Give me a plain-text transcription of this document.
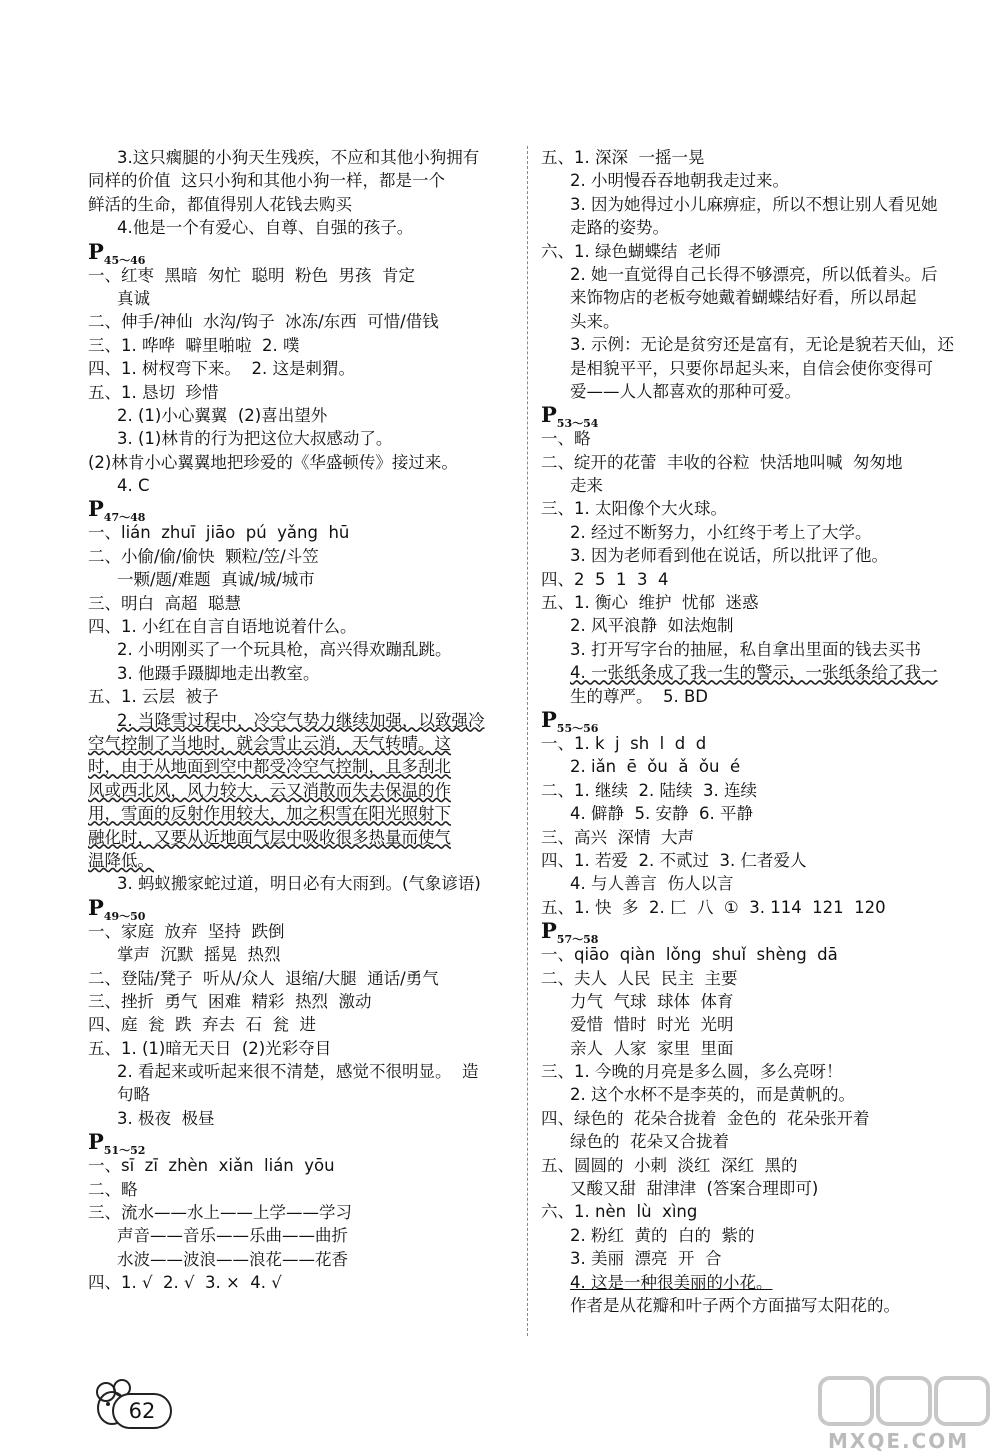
3.这只瘸腿的小狗天生残疾，不应和其他小狗拥有
同样的价值  这只小狗和其他小狗一样，都是一个
鲜活的生命，都值得别人花钱去购买
4.他是一个有爱心、自尊、自强的孩子。
$P_{45\sim 46}$
一、红枣  黑暗  匆忙  聪明  粉色  男孩  肯定
真诚
二、伸手/神仙  水沟/钩子  冰冻/东西  可惜/借钱
三、1. 哗哗  噼里啪啦  2. 噗
四、1. 树杈弯下来。  2. 这是刺猬。
五、1. 恳切  珍惜
2. (1)小心翼翼  (2)喜出望外
3. (1)林肯的行为把这位大叔感动了。
(2)林肯小心翼翼地把珍爱的《华盛顿传》接过来。
4. C
$P_{47\sim 48}$
一、lián  zhuī  jiāo  pú  yǎng  hū
二、小偷/偷/偷快  颗粒/笠/斗笠
一颗/题/难题  真诚/城/城市
三、明白  高超  聪慧
四、1. 小红在自言自语地说着什么。
2. 小明刚买了一个玩具枪，高兴得欢蹦乱跳。
3. 他蹑手蹑脚地走出教室。
五、1. 云层  被子
2. 当降雪过程中，冷空气势力继续加强，以致强冷
空气控制了当地时，就会雪止云消，天气转晴。这
时，由于从地面到空中都受冷空气控制，且多刮北
风或西北风，风力较大，云又消散而失去保温的作
用，雪面的反射作用较大，加之积雪在阳光照射下
融化时，又要从近地面气层中吸收很多热量而使气
温降低。
3. 蚂蚁搬家蛇过道，明日必有大雨到。(气象谚语)
$P_{49\sim 50}$
一、家庭  放弃  坚持  跌倒
掌声  沉默  摇晃  热烈
二、登陆/凳子  听从/众人  退缩/大腿  通话/勇气
三、挫折  勇气  困难  精彩  热烈  激动
四、庭  瓮  跌  弃去  石  瓮  进
五、1. (1)暗无天日  (2)光彩夺目
2. 看起来或听起来很不清楚，感觉不很明显。  造
句略
3. 极夜  极昼
$P_{51\sim 52}$
一、sī  zī  zhèn  xiǎn  lián  yōu
二、略
三、流水——水上——上学——学习
声音——音乐——乐曲——曲折
水波——波浪——浪花——花香
四、1. √  2. √  3. ×  4. √
五、1. 深深  一摇一晃
2. 小明慢吞吞地朝我走过来。
3. 因为她得过小儿麻痹症，所以不想让别人看见她
走路的姿势。
六、1. 绿色蝴蝶结  老师
2. 她一直觉得自己长得不够漂亮，所以低着头。后
来饰物店的老板夸她戴着蝴蝶结好看，所以昂起
头来。
3. 示例：无论是贫穷还是富有，无论是貌若天仙，还
是相貌平平，只要你昂起头来，自信会使你变得可
爱——人人都喜欢的那种可爱。
$P_{53\sim 54}$
一、略
二、绽开的花蕾  丰收的谷粒  快活地叫喊  匆匆地
走来
三、1. 太阳像个大火球。
2. 经过不断努力，小红终于考上了大学。
3. 因为老师看到他在说话，所以批评了他。
四、2  5  1  3  4
五、1. 衡心  维护  忧郁  迷惑
2. 风平浪静  如法炮制
3. 打开写字台的抽屉，私自拿出里面的钱去买书
4. 一张纸条成了我一生的警示，一张纸条给了我一
生的尊严。  5. BD
$P_{55\sim 56}$
一、1. k  j  sh  l  d  d
2. iǎn  ē  ǒu  ǎ  ǒu  é
二、1. 继续  2. 陆续  3. 连续
4. 僻静  5. 安静  6. 平静
三、高兴  深情  大声
四、1. 若爱  2. 不贰过  3. 仁者爱人
4. 与人善言  伤人以言
五、1. 快  多  2. 匚  八  ①  3. 114  121  120
$P_{57\sim 58}$
一、qiāo  qiàn  lǒng  shuǐ  shèng  dā
二、夫人  人民  民主  主要
力气  气球  球体  体育
爱惜  惜时  时光  光明
亲人  人家  家里  里面
三、1. 今晚的月亮是多么圆，多么亮呀！
2. 这个水杯不是李英的，而是黄帆的。
四、绿色的  花朵合拢着  金色的  花朵张开着
绿色的  花朵又合拢着
五、圆圆的  小刺  淡红  深红  黑的
又酸又甜  甜津津  (答案合理即可)
六、1. nèn  lù  xìng
2. 粉红  黄的  白的  紫的
3. 美丽  漂亮  开  合
4. 这是一种很美丽的小花。
作者是从花瓣和叶子两个方面描写太阳花的。
62
MXQE.COM
